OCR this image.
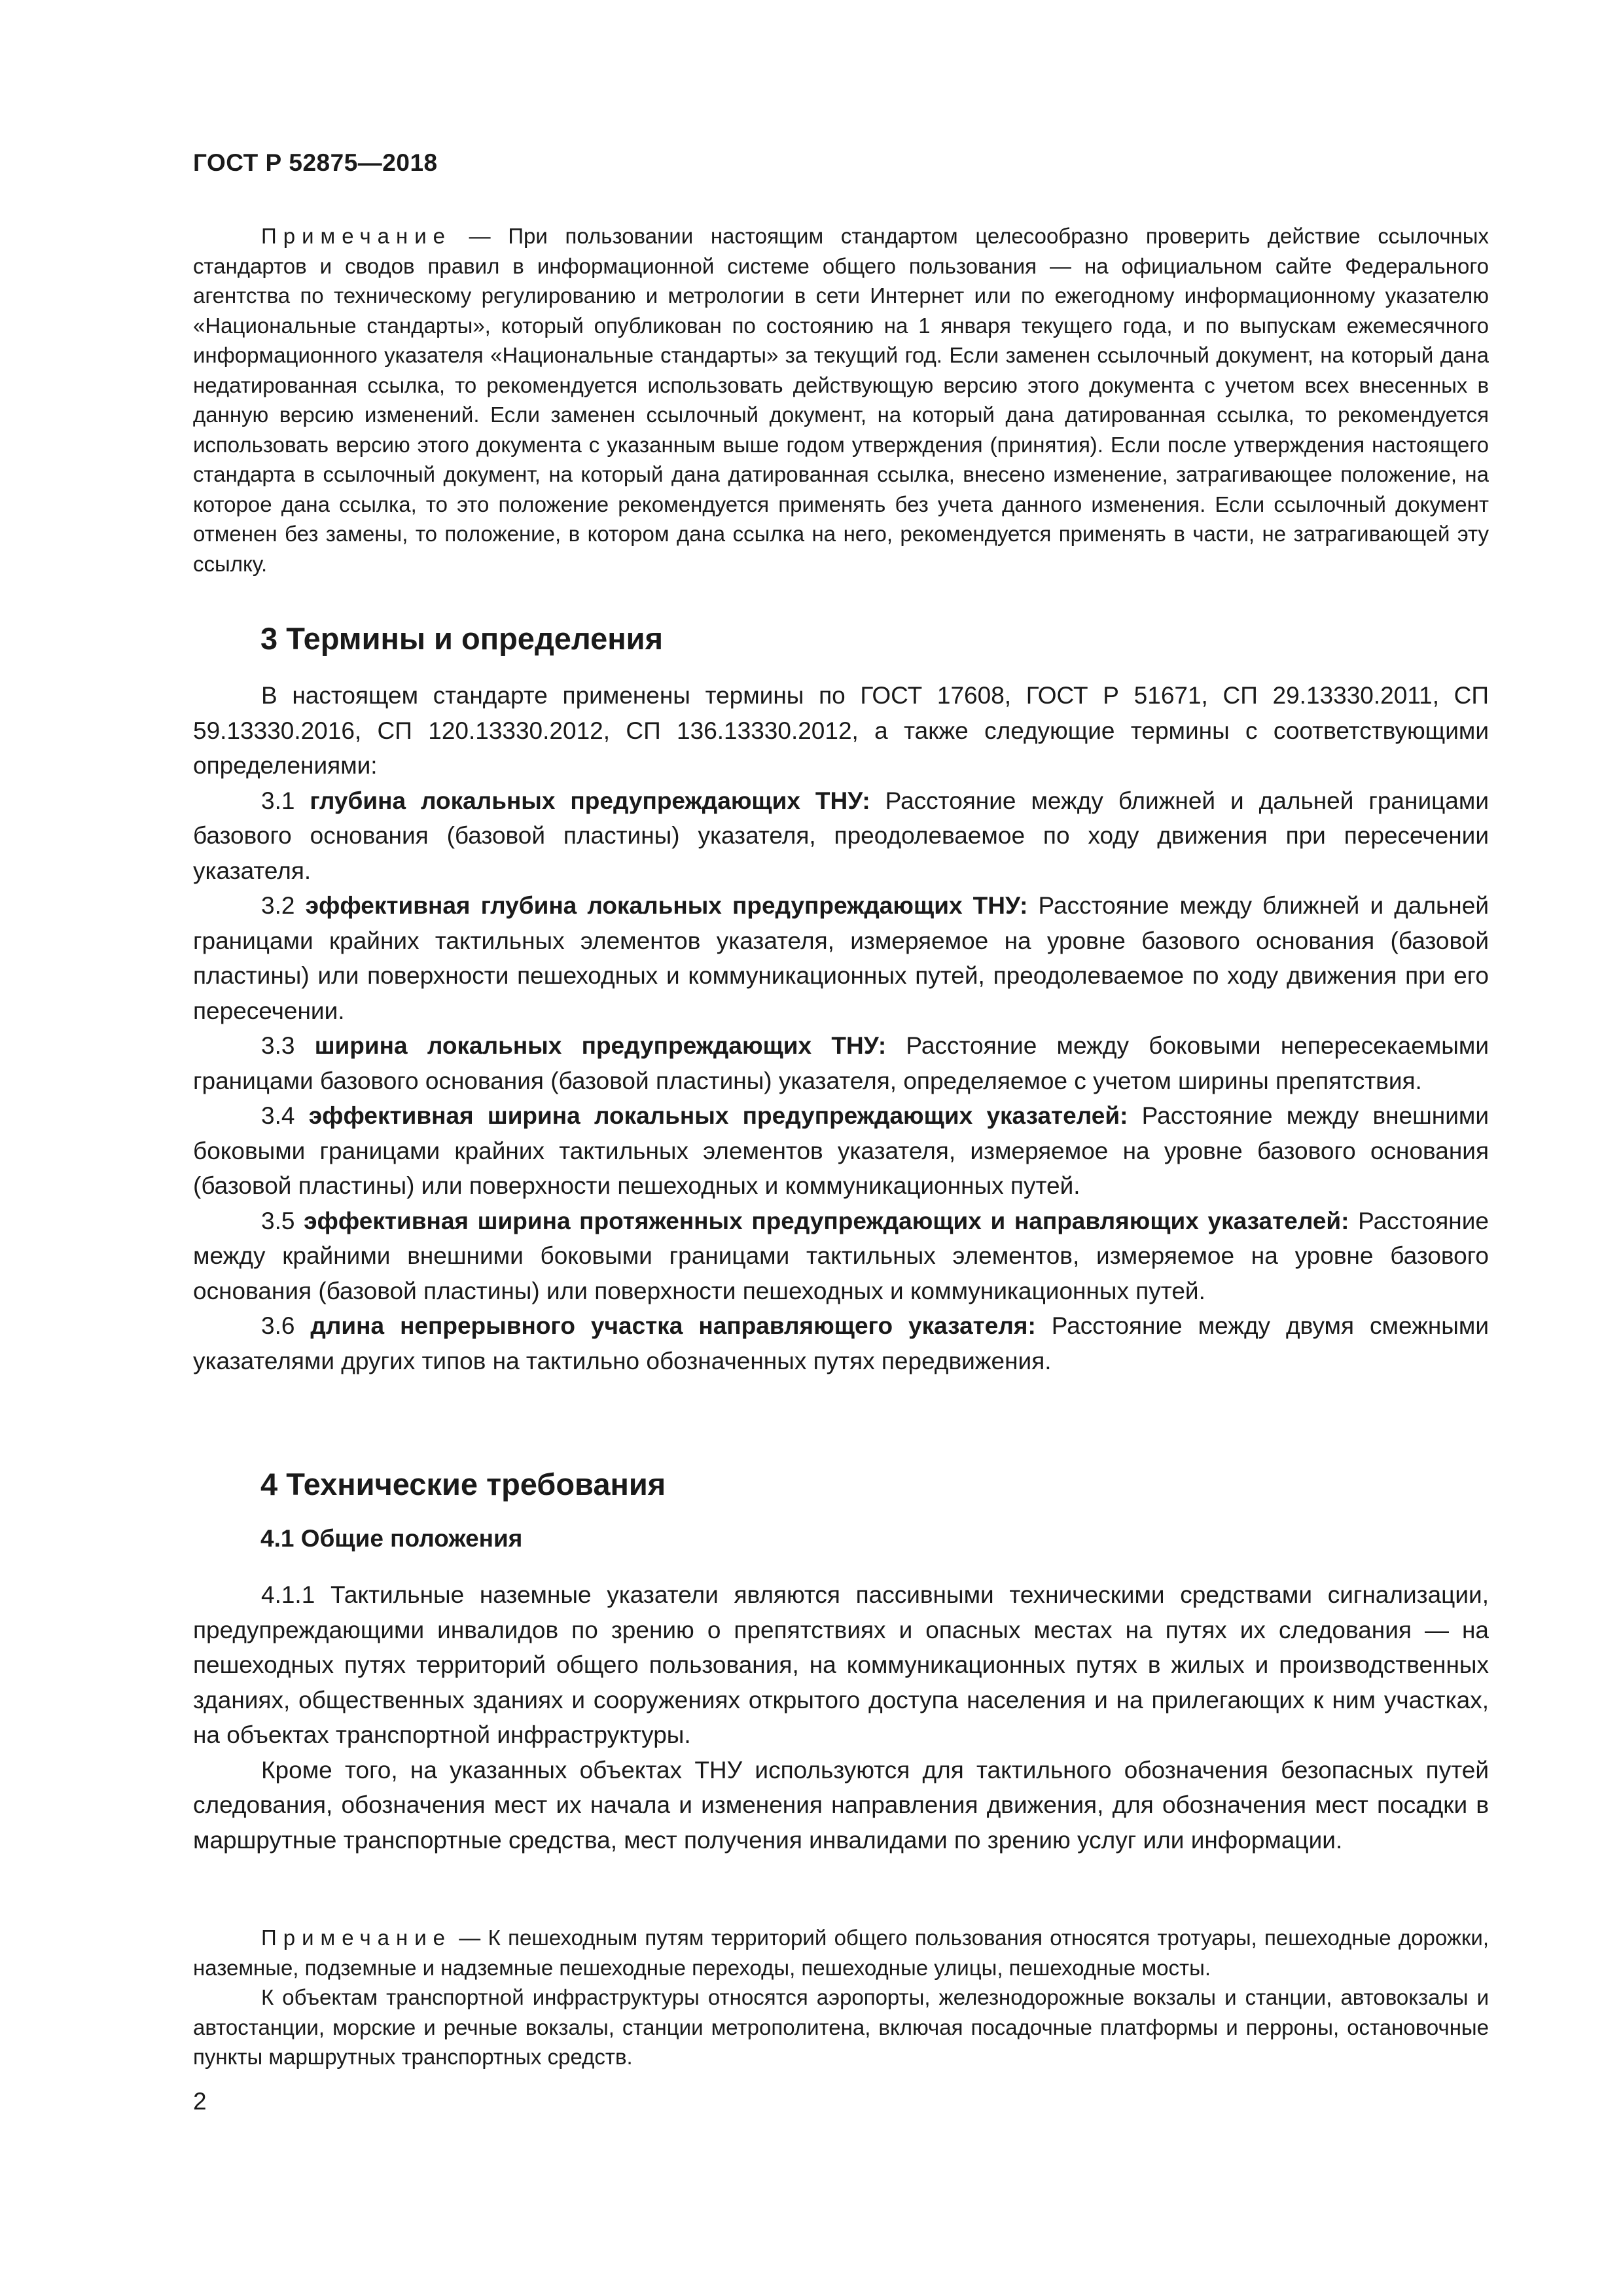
ГОСТ Р 52875—2018

Примечание — При пользовании настоящим стандартом целесообразно проверить действие ссылочных стандартов и сводов правил в информационной системе общего пользования — на официальном сайте Федерального агентства по техническому регулированию и метрологии в сети Интернет или по ежегодному информационному указателю «Национальные стандарты», который опубликован по состоянию на 1 января текущего года, и по выпускам ежемесячного информационного указателя «Национальные стандарты» за текущий год. Если заменен ссылочный документ, на который дана недатированная ссылка, то рекомендуется использовать действующую версию этого документа с учетом всех внесенных в данную версию изменений. Если заменен ссылочный документ, на который дана датированная ссылка, то рекомендуется использовать версию этого документа с указанным выше годом утверждения (принятия). Если после утверждения настоящего стандарта в ссылочный документ, на который дана датированная ссылка, внесено изменение, затрагивающее положение, на которое дана ссылка, то это положение рекомендуется применять без учета данного изменения. Если ссылочный документ отменен без замены, то положение, в котором дана ссылка на него, рекомендуется применять в части, не затрагивающей эту ссылку.

3 Термины и определения

В настоящем стандарте применены термины по ГОСТ 17608, ГОСТ Р 51671, СП 29.13330.2011, СП 59.13330.2016, СП 120.13330.2012, СП 136.13330.2012, а также следующие термины с соответствующими определениями:

3.1 глубина локальных предупреждающих ТНУ: Расстояние между ближней и дальней границами базового основания (базовой пластины) указателя, преодолеваемое по ходу движения при пересечении указателя.

3.2 эффективная глубина локальных предупреждающих ТНУ: Расстояние между ближней и дальней границами крайних тактильных элементов указателя, измеряемое на уровне базового основания (базовой пластины) или поверхности пешеходных и коммуникационных путей, преодолеваемое по ходу движения при его пересечении.

3.3 ширина локальных предупреждающих ТНУ: Расстояние между боковыми непересекаемыми границами базового основания (базовой пластины) указателя, определяемое с учетом ширины препятствия.

3.4 эффективная ширина локальных предупреждающих указателей: Расстояние между внешними боковыми границами крайних тактильных элементов указателя, измеряемое на уровне базового основания (базовой пластины) или поверхности пешеходных и коммуникационных путей.

3.5 эффективная ширина протяженных предупреждающих и направляющих указателей: Расстояние между крайними внешними боковыми границами тактильных элементов, измеряемое на уровне базового основания (базовой пластины) или поверхности пешеходных и коммуникационных путей.

3.6 длина непрерывного участка направляющего указателя: Расстояние между двумя смежными указателями других типов на тактильно обозначенных путях передвижения.

4 Технические требования
4.1 Общие положения

4.1.1 Тактильные наземные указатели являются пассивными техническими средствами сигнализации, предупреждающими инвалидов по зрению о препятствиях и опасных местах на путях их следования — на пешеходных путях территорий общего пользования, на коммуникационных путях в жилых и производственных зданиях, общественных зданиях и сооружениях открытого доступа населения и на прилегающих к ним участках, на объектах транспортной инфраструктуры.

Кроме того, на указанных объектах ТНУ используются для тактильного обозначения безопасных путей следования, обозначения мест их начала и изменения направления движения, для обозначения мест посадки в маршрутные транспортные средства, мест получения инвалидами по зрению услуг или информации.

Примечание — К пешеходным путям территорий общего пользования относятся тротуары, пешеходные дорожки, наземные, подземные и надземные пешеходные переходы, пешеходные улицы, пешеходные мосты.

К объектам транспортной инфраструктуры относятся аэропорты, железнодорожные вокзалы и станции, автовокзалы и автостанции, морские и речные вокзалы, станции метрополитена, включая посадочные платформы и перроны, остановочные пункты маршрутных транспортных средств.

2
